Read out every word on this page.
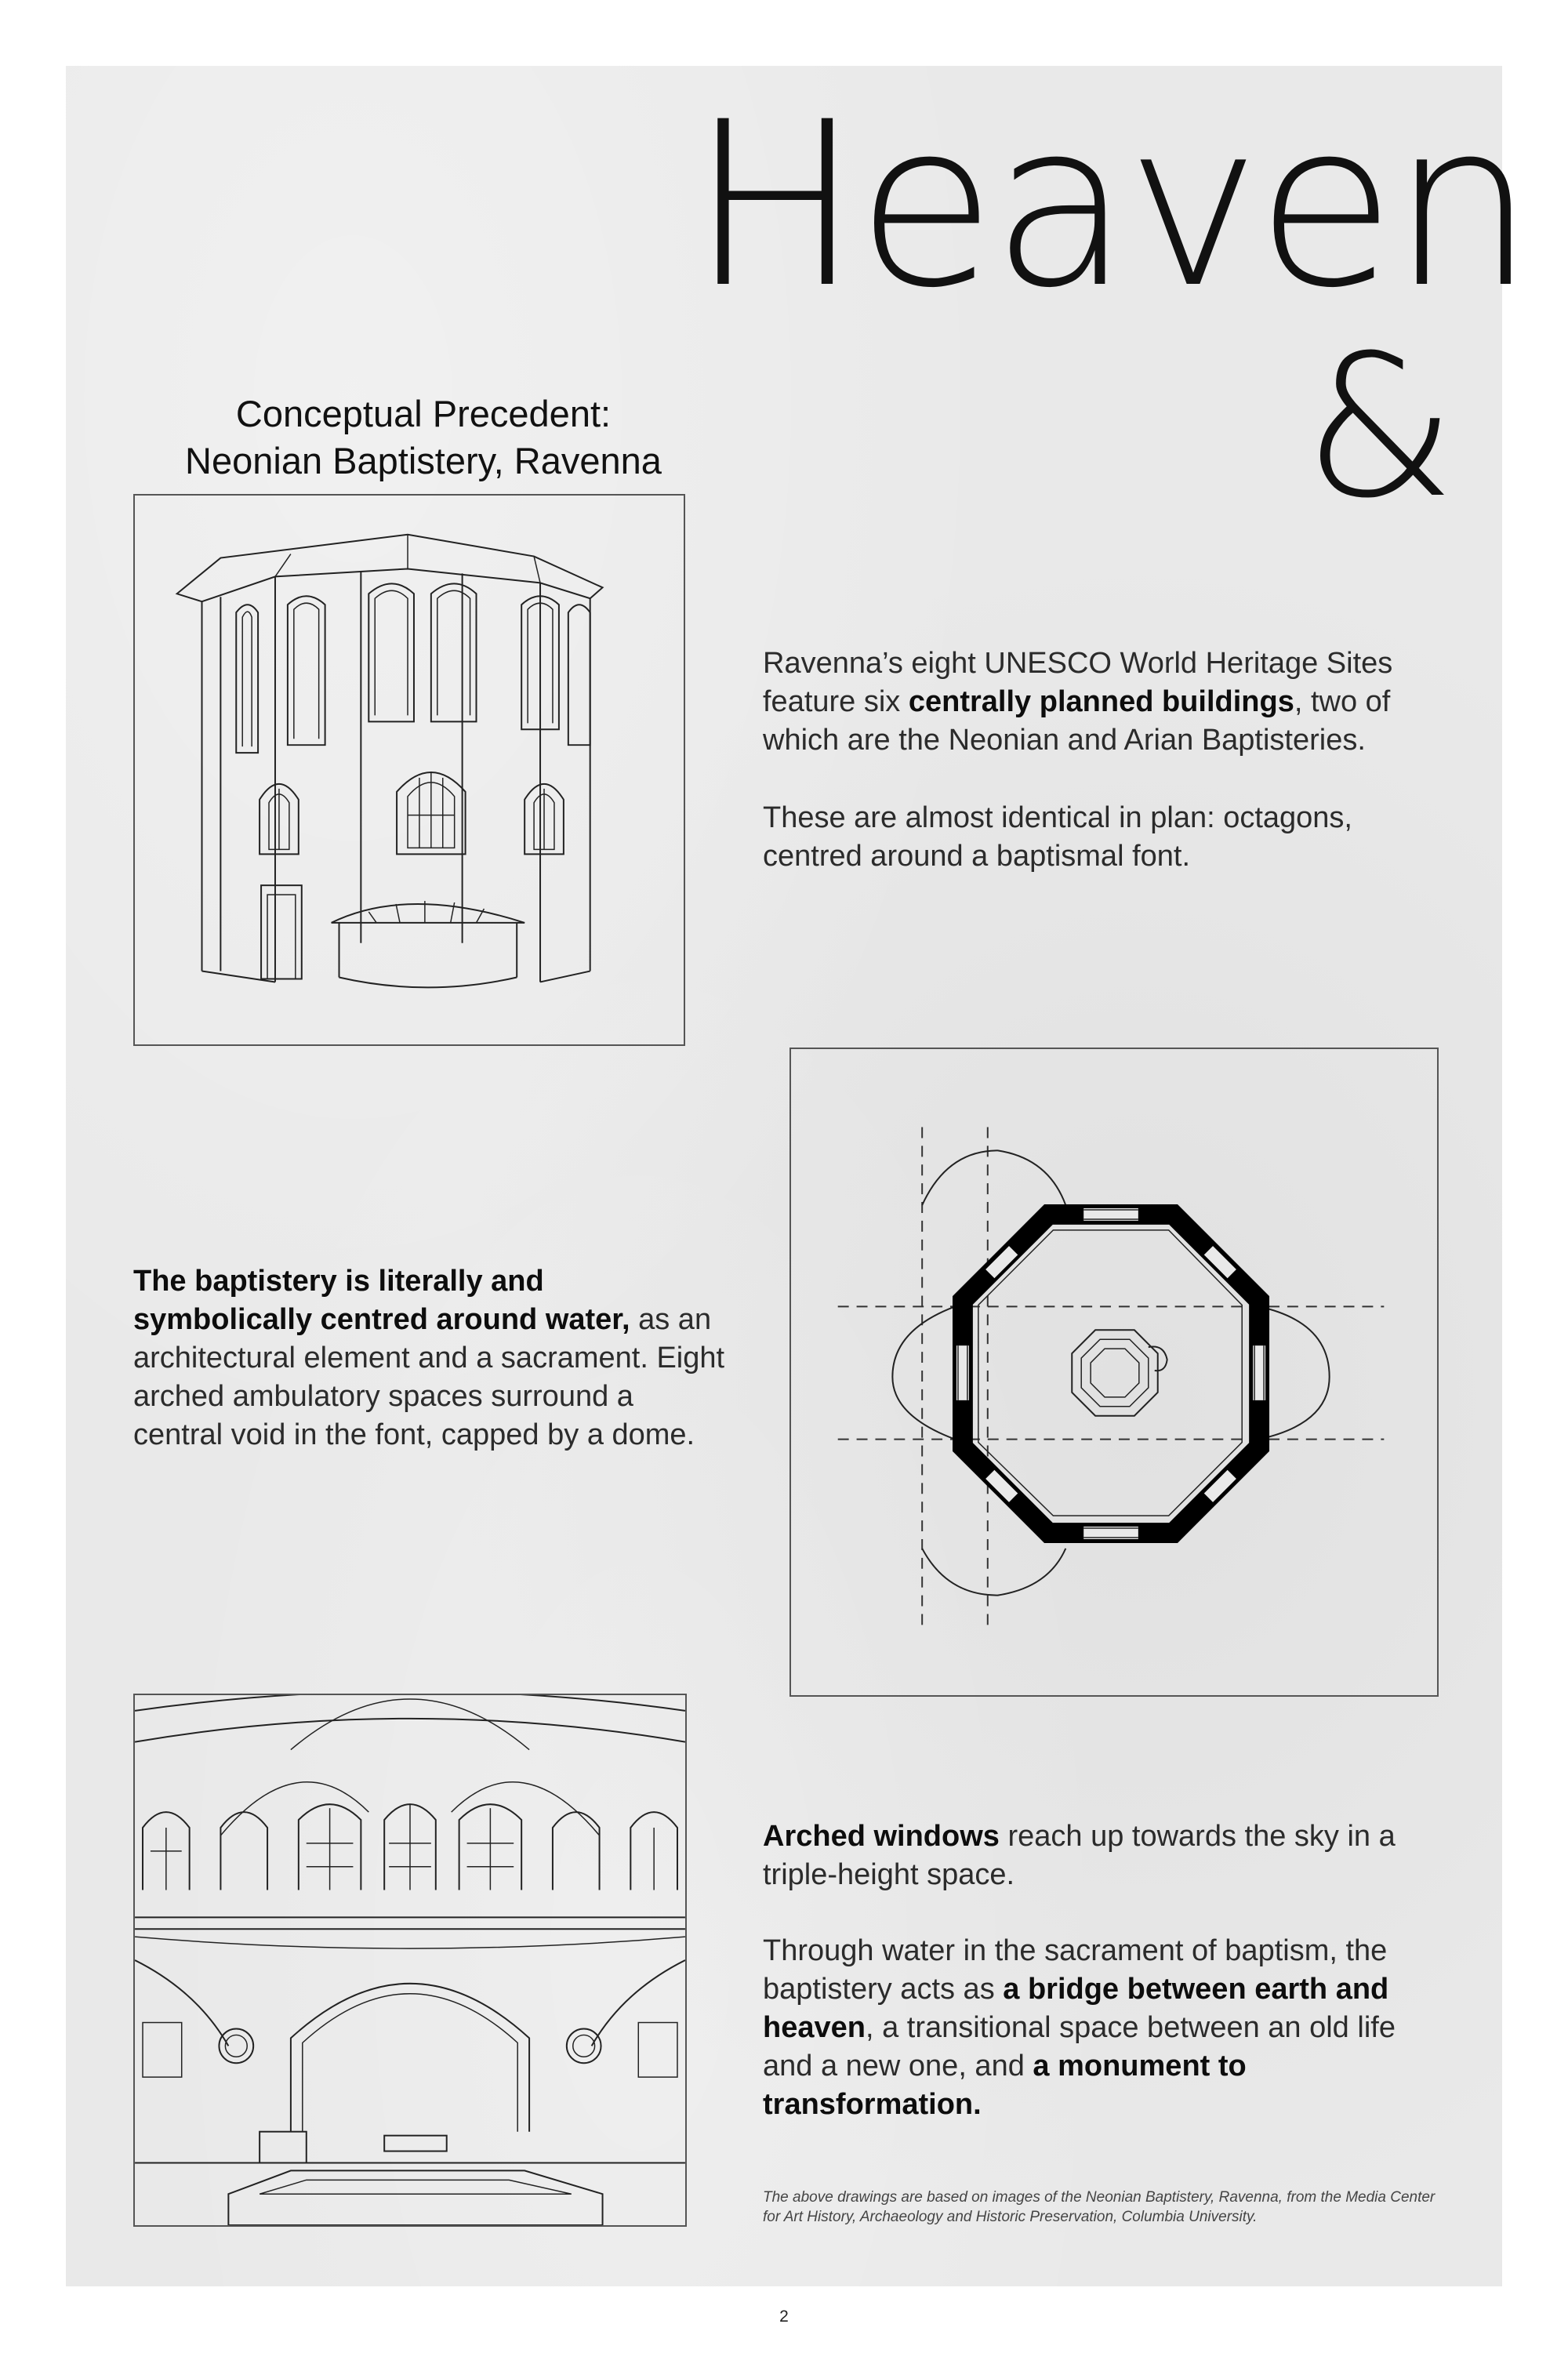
Heaven
&
Conceptual Precedent:
Neonian Baptistery, Ravenna

Ravenna’s eight UNESCO World Heritage Sites feature six centrally planned buildings, two of which are the Neonian and Arian Baptisteries.

These are almost identical in plan: octagons, centred around a baptismal font.

The baptistery is literally and symbolically centred around water, as an architectural element and a sacrament. Eight arched ambulatory spaces surround a central void in the font, capped by a dome.

Arched windows reach up towards the sky in a triple-height space.

Through water in the sacrament of baptism, the baptistery acts as a bridge between earth and heaven, a transitional space between an old life and a new one, and a monument to transformation.

The above drawings are based on images of the Neonian Baptistery, Ravenna, from the Media Center for Art History, Archaeology and Historic Preservation, Columbia University.
2
